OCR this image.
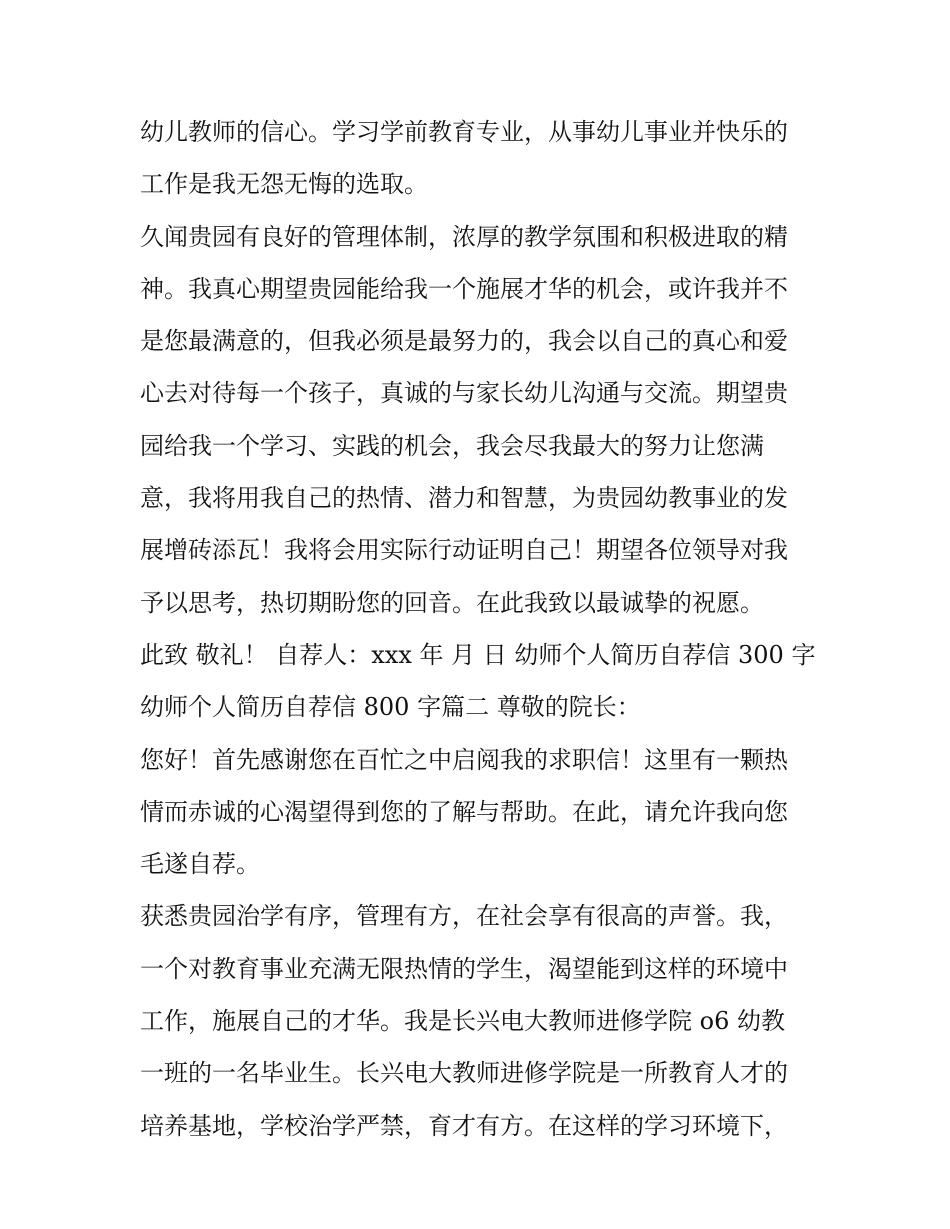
幼儿教师的信心。学习学前教育专业，从事幼儿事业并快乐的
工作是我无怨无悔的选取。
久闻贵园有良好的管理体制，浓厚的教学氛围和积极进取的精
神。我真心期望贵园能给我一个施展才华的机会，或许我并不
是您最满意的，但我必须是最努力的，我会以自己的真心和爱
心去对待每一个孩子，真诚的与家长幼儿沟通与交流。期望贵
园给我一个学习、实践的机会，我会尽我最大的努力让您满
意，我将用我自己的热情、潜力和智慧，为贵园幼教事业的发
展增砖添瓦！我将会用实际行动证明自己！期望各位领导对我
予以思考，热切期盼您的回音。在此我致以最诚挚的祝愿。
此致 敬礼！ 自荐人：xxx 年 月 日 幼师个人简历自荐信 300 字
幼师个人简历自荐信 800 字篇二 尊敬的院长：
您好！首先感谢您在百忙之中启阅我的求职信！这里有一颗热
情而赤诚的心渴望得到您的了解与帮助。在此，请允许我向您
毛遂自荐。
获悉贵园治学有序，管理有方，在社会享有很高的声誉。我，
一个对教育事业充满无限热情的学生，渴望能到这样的环境中
工作，施展自己的才华。我是长兴电大教师进修学院 o6 幼教
一班的一名毕业生。长兴电大教师进修学院是一所教育人才的
培养基地，学校治学严禁，育才有方。在这样的学习环境下，
